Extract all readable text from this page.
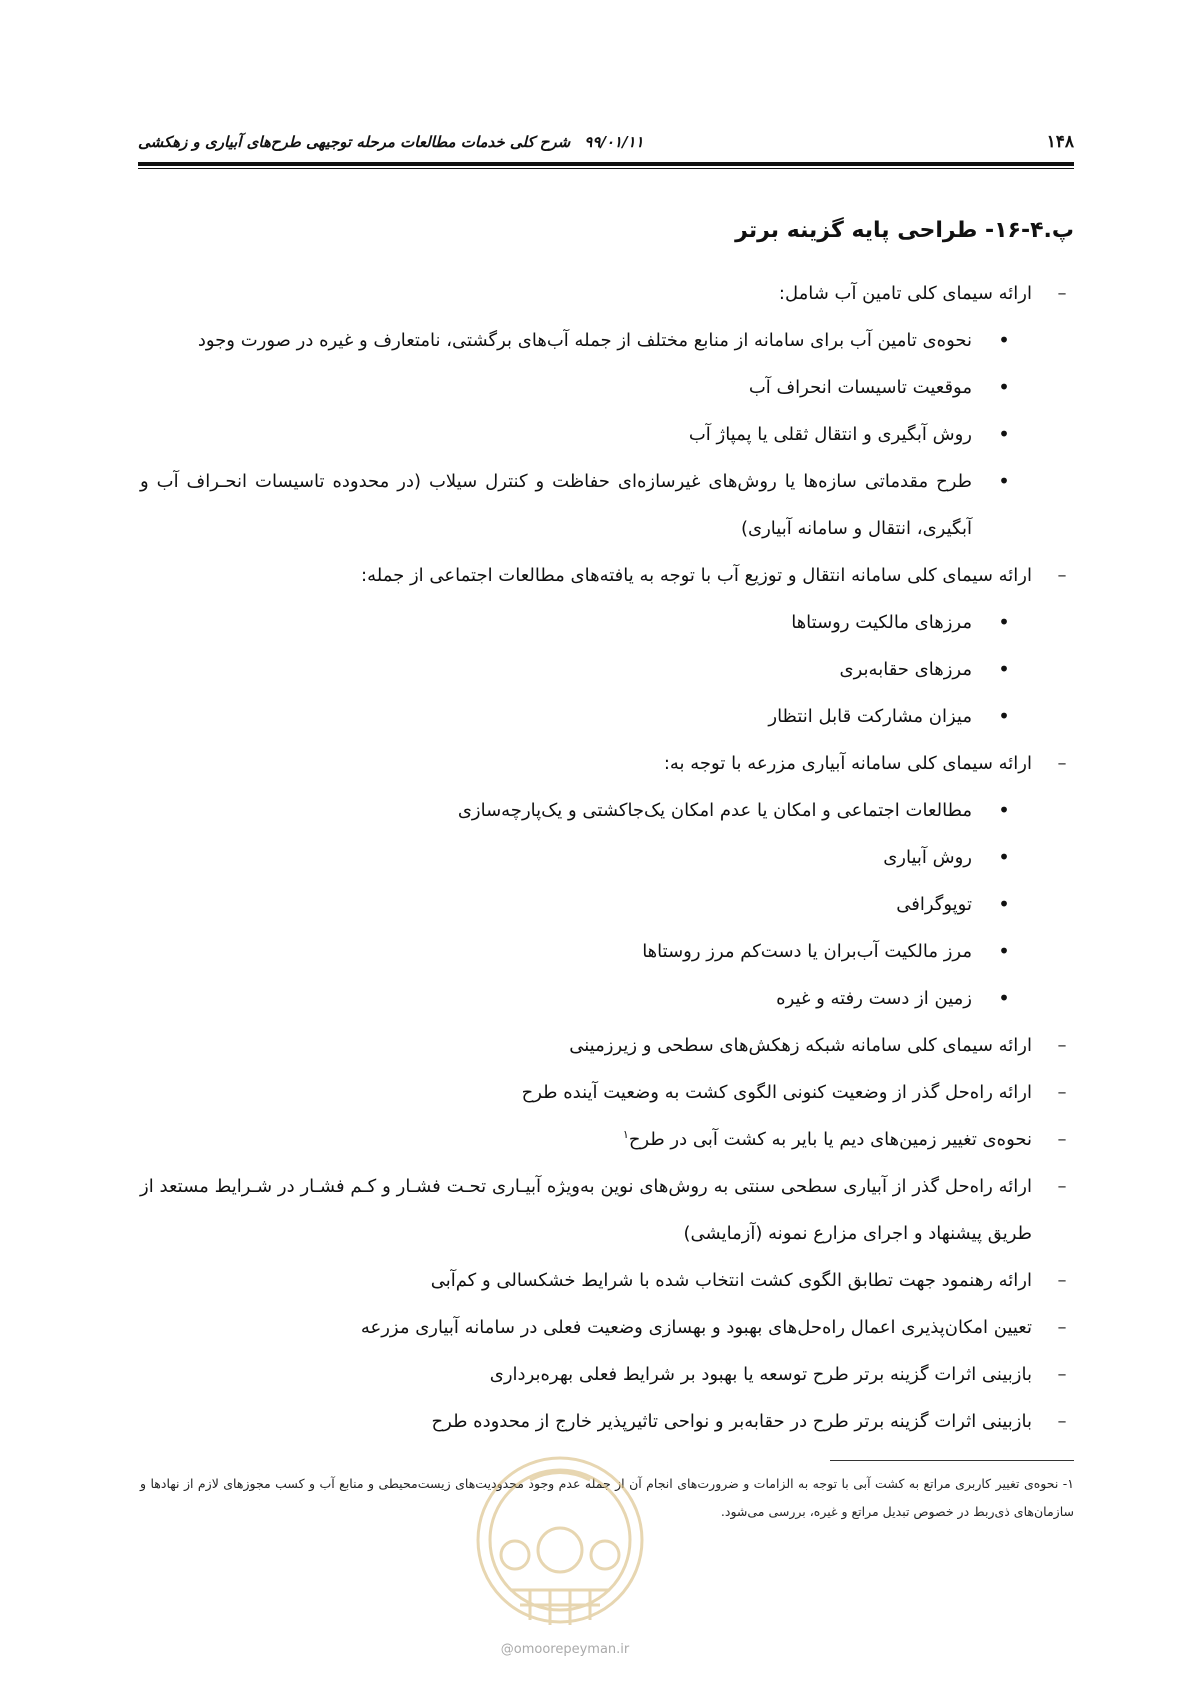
۱۴۸
۹۹/۰۱/۱۱شرح کلی خدمات مطالعات مرحله توجیهی طرح‌های آبیاری و زهکشی
پ.۴-۱۶- طراحی پایه گزینه برتر
–
ارائه سیمای کلی تامین آب شامل:
•
نحوه‌ی تامین آب برای سامانه از منابع مختلف از جمله آب‌های برگشتی، نامتعارف و غیره در صورت وجود
•
موقعیت تاسیسات انحراف آب
•
روش آبگیری و انتقال ثقلی یا پمپاژ آب
•
طرح مقدماتی سازه‌ها یا روش‌های غیرسازه‌ای حفاظت و کنترل سیلاب (در محدوده تاسیسات انحـراف آب و آبگیری، انتقال و سامانه آبیاری)
–
ارائه سیمای کلی سامانه انتقال و توزیع آب با توجه به یافته‌های مطالعات اجتماعی از جمله:
•
مرزهای مالکیت روستاها
•
مرزهای حقابه‌بری
•
میزان مشارکت قابل انتظار
–
ارائه سیمای کلی سامانه آبیاری مزرعه با توجه به:
•
مطالعات اجتماعی و امکان یا عدم امکان یک‌جاکشتی و یک‌پارچه‌سازی
•
روش آبیاری
•
توپوگرافی
•
مرز مالکیت آب‌بران یا دست‌کم مرز روستاها
•
زمین از دست رفته و غیره
–
ارائه سیمای کلی سامانه شبکه زهکش‌های سطحی و زیرزمینی
–
ارائه راه‌حل گذر از وضعیت کنونی الگوی کشت به وضعیت آینده طرح
–
نحوه‌ی تغییر زمین‌های دیم یا بایر به کشت آبی در طرح$^۱$
–
ارائه راه‌حل گذر از آبیاری سطحی سنتی به روش‌های نوین به‌ویژه آبیـاری تحـت فشـار و کـم فشـار در شـرایط مستعد از طریق پیشنهاد و اجرای مزارع نمونه (آزمایشی)
–
ارائه رهنمود جهت تطابق الگوی کشت انتخاب شده با شرایط خشکسالی و کم‌آبی
–
تعیین امکان‌پذیری اعمال راه‌حل‌های بهبود و بهسازی وضعیت فعلی در سامانه آبیاری مزرعه
–
بازبینی اثرات گزینه برتر طرح توسعه یا بهبود بر شرایط فعلی بهره‌برداری
–
بازبینی اثرات گزینه برتر طرح در حقابه‌بر و نواحی تاثیرپذیر خارج از محدوده طرح
۱- نحوه‌ی تغییر کاربری مراتع به کشت آبی با توجه به الزامات و ضرورت‌های انجام آن از جمله عدم وجود محدودیت‌های زیست‌محیطی و منابع آب و کسب مجوزهای لازم از نهادها و سازمان‌های ذی‌ربط در خصوص تبدیل مراتع و غیره، بررسی می‌شود.
@omoorepeyman.ir
